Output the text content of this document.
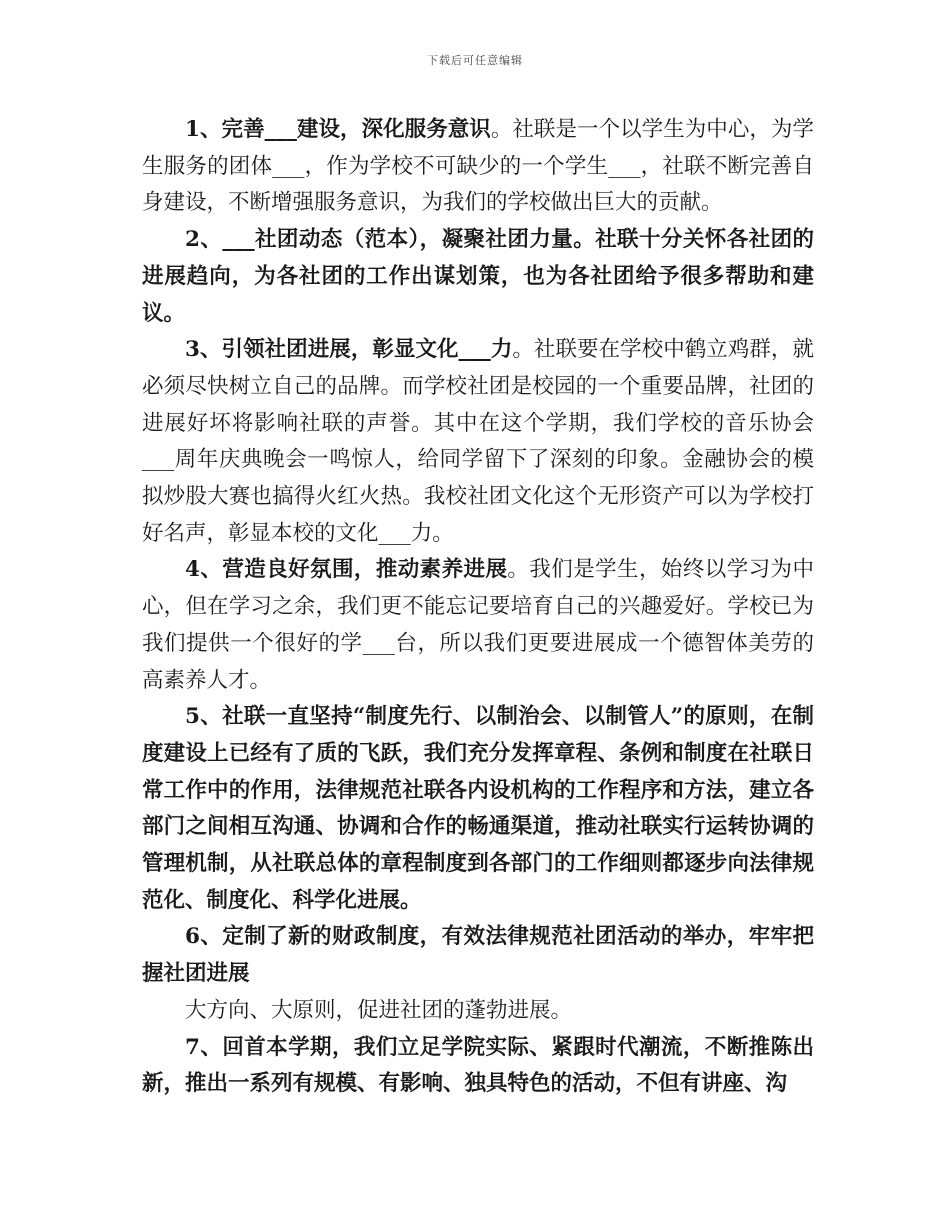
下载后可任意编辑

1、完善___建设，深化服务意识。社联是一个以学生为中心，为学生服务的团体___，作为学校不可缺少的一个学生___，社联不断完善自身建设，不断增强服务意识，为我们的学校做出巨大的贡献。

2、___社团动态（范本），凝聚社团力量。社联十分关怀各社团的进展趋向，为各社团的工作出谋划策，也为各社团给予很多帮助和建议。

3、引领社团进展，彰显文化___力。社联要在学校中鹤立鸡群，就必须尽快树立自己的品牌。而学校社团是校园的一个重要品牌，社团的进展好坏将影响社联的声誉。其中在这个学期，我们学校的音乐协会___周年庆典晚会一鸣惊人，给同学留下了深刻的印象。金融协会的模拟炒股大赛也搞得火红火热。我校社团文化这个无形资产可以为学校打好名声，彰显本校的文化___力。

4、营造良好氛围，推动素养进展。我们是学生，始终以学习为中心，但在学习之余，我们更不能忘记要培育自己的兴趣爱好。学校已为我们提供一个很好的学___台，所以我们更要进展成一个德智体美劳的高素养人才。

5、社联一直坚持“制度先行、以制治会、以制管人”的原则，在制度建设上已经有了质的飞跃，我们充分发挥章程、条例和制度在社联日常工作中的作用，法律规范社联各内设机构的工作程序和方法，建立各部门之间相互沟通、协调和合作的畅通渠道，推动社联实行运转协调的管理机制，从社联总体的章程制度到各部门的工作细则都逐步向法律规范化、制度化、科学化进展。

6、定制了新的财政制度，有效法律规范社团活动的举办，牢牢把握社团进展

大方向、大原则，促进社团的蓬勃进展。

7、回首本学期，我们立足学院实际、紧跟时代潮流，不断推陈出新，推出一系列有规模、有影响、独具特色的活动，不但有讲座、沟
